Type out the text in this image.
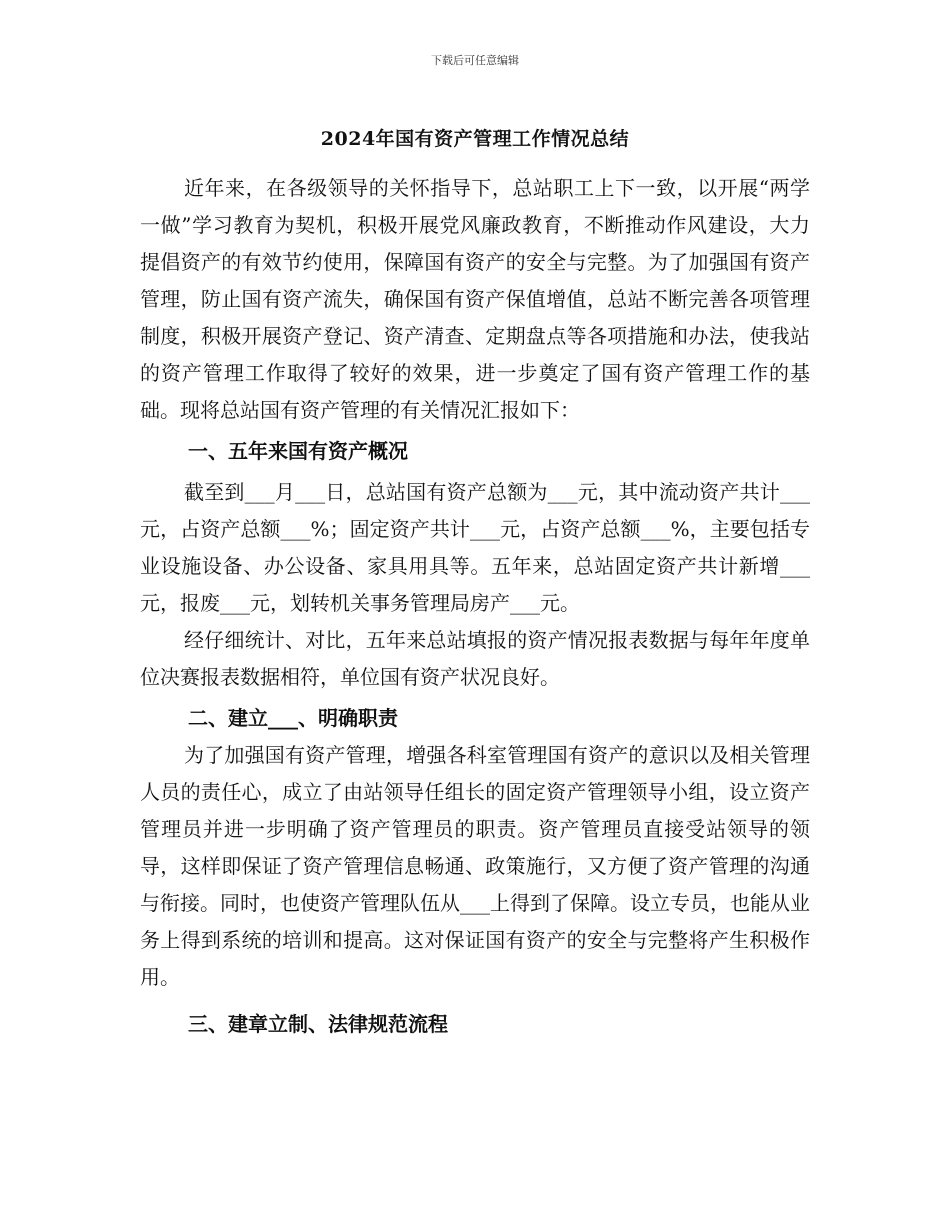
下载后可任意编辑
2024年国有资产管理工作情况总结

近年来，在各级领导的关怀指导下，总站职工上下一致，以开展“两学一做”学习教育为契机，积极开展党风廉政教育，不断推动作风建设，大力提倡资产的有效节约使用，保障国有资产的安全与完整。为了加强国有资产管理，防止国有资产流失，确保国有资产保值增值，总站不断完善各项管理制度，积极开展资产登记、资产清查、定期盘点等各项措施和办法，使我站的资产管理工作取得了较好的效果，进一步奠定了国有资产管理工作的基础。现将总站国有资产管理的有关情况汇报如下：

一、五年来国有资产概况

截至到___月___日，总站国有资产总额为___元，其中流动资产共计___元，占资产总额___%；固定资产共计___元，占资产总额___%，主要包括专业设施设备、办公设备、家具用具等。五年来，总站固定资产共计新增___元，报废___元，划转机关事务管理局房产___元。

经仔细统计、对比，五年来总站填报的资产情况报表数据与每年年度单位决赛报表数据相符，单位国有资产状况良好。

二、建立___、明确职责

为了加强国有资产管理，增强各科室管理国有资产的意识以及相关管理人员的责任心，成立了由站领导任组长的固定资产管理领导小组，设立资产管理员并进一步明确了资产管理员的职责。资产管理员直接受站领导的领导，这样即保证了资产管理信息畅通、政策施行，又方便了资产管理的沟通与衔接。同时，也使资产管理队伍从___上得到了保障。设立专员，也能从业务上得到系统的培训和提高。这对保证国有资产的安全与完整将产生积极作用。

三、建章立制、法律规范流程
